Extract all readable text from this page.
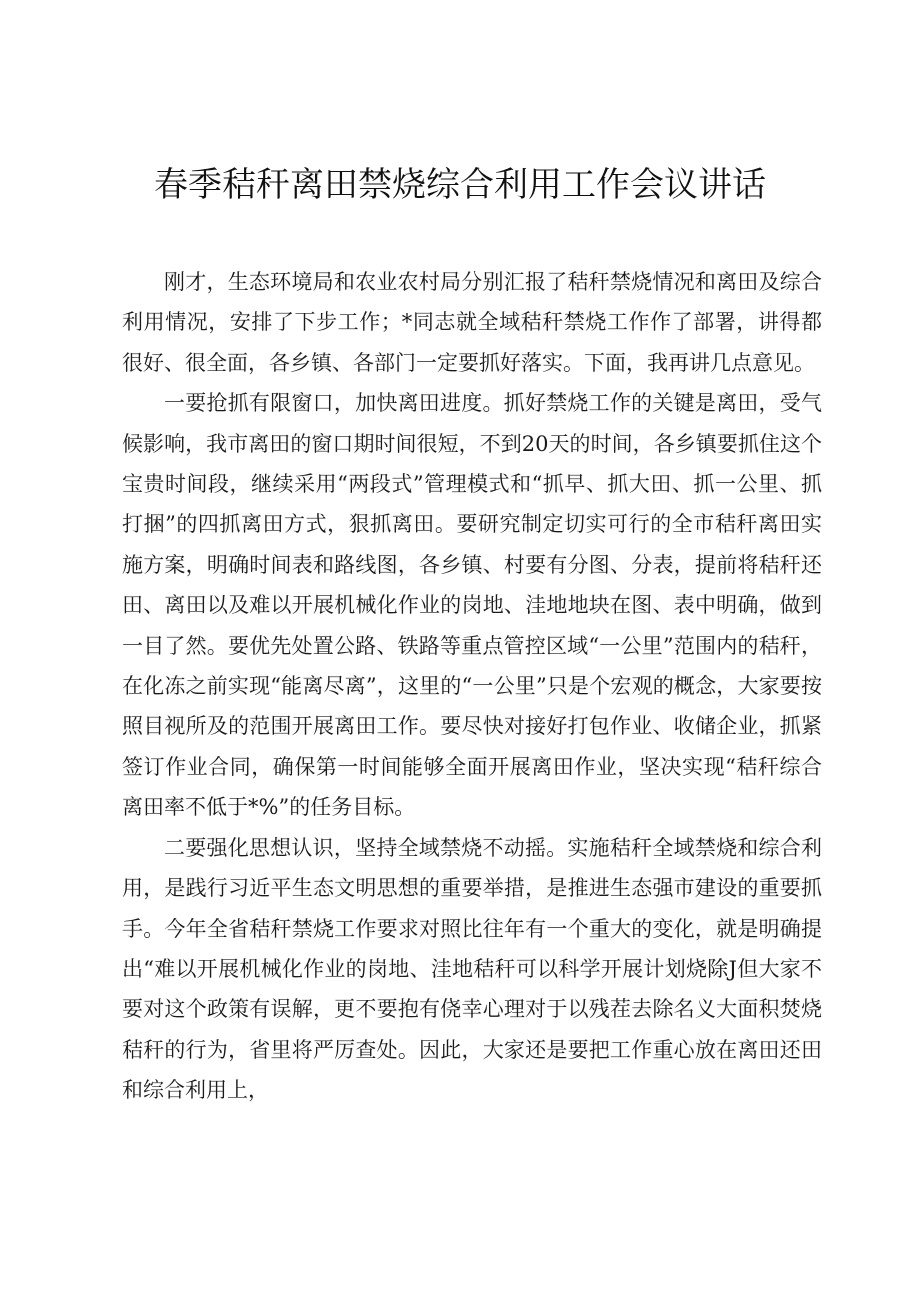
春季秸秆离田禁烧综合利用工作会议讲话

刚才，生态环境局和农业农村局分别汇报了秸秆禁烧情况和离田及综合利用情况，安排了下步工作；*同志就全域秸秆禁烧工作作了部署，讲得都很好、很全面，各乡镇、各部门一定要抓好落实。下面，我再讲几点意见。

一要抢抓有限窗口，加快离田进度。抓好禁烧工作的关键是离田，受气候影响，我市离田的窗口期时间很短，不到20天的时间，各乡镇要抓住这个宝贵时间段，继续采用“两段式”管理模式和“抓早、抓大田、抓一公里、抓打捆”的四抓离田方式，狠抓离田。要研究制定切实可行的全市秸秆离田实施方案，明确时间表和路线图，各乡镇、村要有分图、分表，提前将秸秆还田、离田以及难以开展机械化作业的岗地、洼地地块在图、表中明确，做到一目了然。要优先处置公路、铁路等重点管控区域“一公里”范围内的秸秆，在化冻之前实现“能离尽离”，这里的“一公里”只是个宏观的概念，大家要按照目视所及的范围开展离田工作。要尽快对接好打包作业、收储企业，抓紧签订作业合同，确保第一时间能够全面开展离田作业，坚决实现“秸秆综合离田率不低于*%”的任务目标。

二要强化思想认识，坚持全域禁烧不动摇。实施秸秆全域禁烧和综合利用，是践行习近平生态文明思想的重要举措，是推进生态强市建设的重要抓手。今年全省秸秆禁烧工作要求对照比往年有一个重大的变化，就是明确提出“难以开展机械化作业的岗地、洼地秸秆可以科学开展计划烧除J但大家不要对这个政策有误解，更不要抱有侥幸心理对于以残茬去除名义大面积焚烧秸秆的行为，省里将严厉查处。因此，大家还是要把工作重心放在离田还田和综合利用上，
